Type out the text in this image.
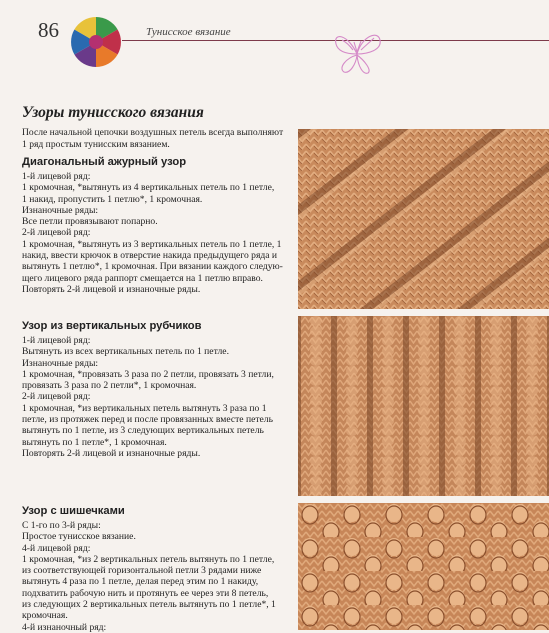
86	Тунисское вязание
Узоры тунисского вязания
После начальной цепочки воздушных петель всегда выполняют 1 ряд простым тунисским вязанием.
Диагональный ажурный узор
1-й лицевой ряд:
1 кромочная, *вытянуть из 4 вертикальных петель по 1 петле,
1 накид, пропустить 1 петлю*, 1 кромочная.
Изнаночные ряды:
Все петли провязывают попарно.
2-й лицевой ряд:
1 кромочная, *вытянуть из 3 вертикальных петель по 1 петле, 1
накид, ввести крючок в отверстие накида предыдущего ряда и
вытянуть 1 петлю*, 1 кромочная. При вязании каждого следую-
щего лицевого ряда раппорт смещается на 1 петлю вправо.
Повторять 2-й лицевой и изнаночные ряды.
Узор из вертикальных рубчиков
1-й лицевой ряд:
Вытянуть из всех вертикальных петель по 1 петле.
Изнаночные ряды:
1 кромочная, *провязать 3 раза по 2 петли, провязать 3 петли,
провязать 3 раза по 2 петли*, 1 кромочная.
2-й лицевой ряд:
1 кромочная, *из вертикальных петель вытянуть 3 раза по 1
петле, из протяжек перед и после провязанных вместе петель
вытянуть по 1 петле, из 3 следующих вертикальных петель
вытянуть по 1 петле*, 1 кромочная.
Повторять 2-й лицевой и изнаночные ряды.
Узор с шишечками
С 1-го по 3-й ряды:
Простое тунисское вязание.
4-й лицевой ряд:
1 кромочная, *из 2 вертикальных петель вытянуть по 1 петле,
из соответствующей горизонтальной петли 3 рядами ниже
вытянуть 4 раза по 1 петле, делая перед этим по 1 накиду,
подхватить рабочую нить и протянуть ее через эти 8 петель,
из следующих 2 вертикальных петель вытянуть по 1 петле*, 1
кромочная.
4-й изнаночный ряд:
